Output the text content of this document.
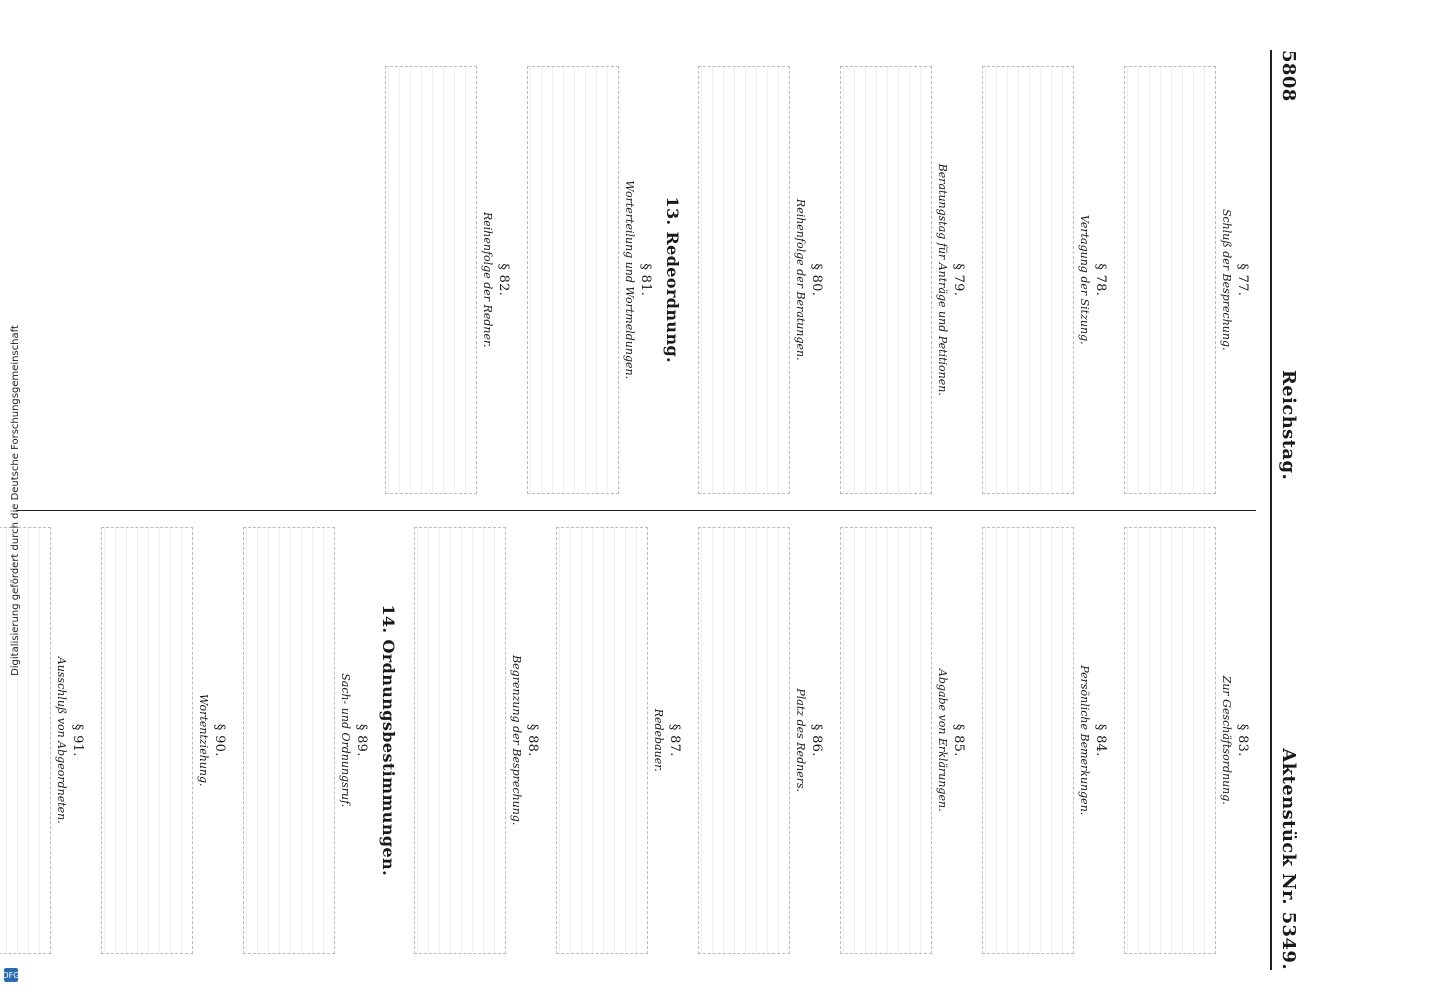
5808
Reichstag.
Aktenstück Nr. 5349.
§ 77.
Schluß der Besprechung.
§ 78.
Vertagung der Sitzung.
§ 79.
Beratungstag für Anträge und Petitionen.
§ 80.
Reihenfolge der Beratungen.
13. Redeordnung.
§ 81.
Worterteilung und Wortmeldungen.
§ 82.
Reihenfolge der Redner.
§ 83.
Zur Geschäftsordnung.
§ 84.
Persönliche Bemerkungen.
§ 85.
Abgabe von Erklärungen.
§ 86.
Platz des Redners.
§ 87.
Redebauer.
§ 88.
Begrenzung der Besprechung.
14. Ordnungsbestimmungen.
§ 89.
Sach- und Ordnungsruf.
§ 90.
Wortentziehung.
§ 91.
Ausschluß von Abgeordneten.
Digitalisierung gefördert durch die Deutsche Forschungsgemeinschaft
DFG
